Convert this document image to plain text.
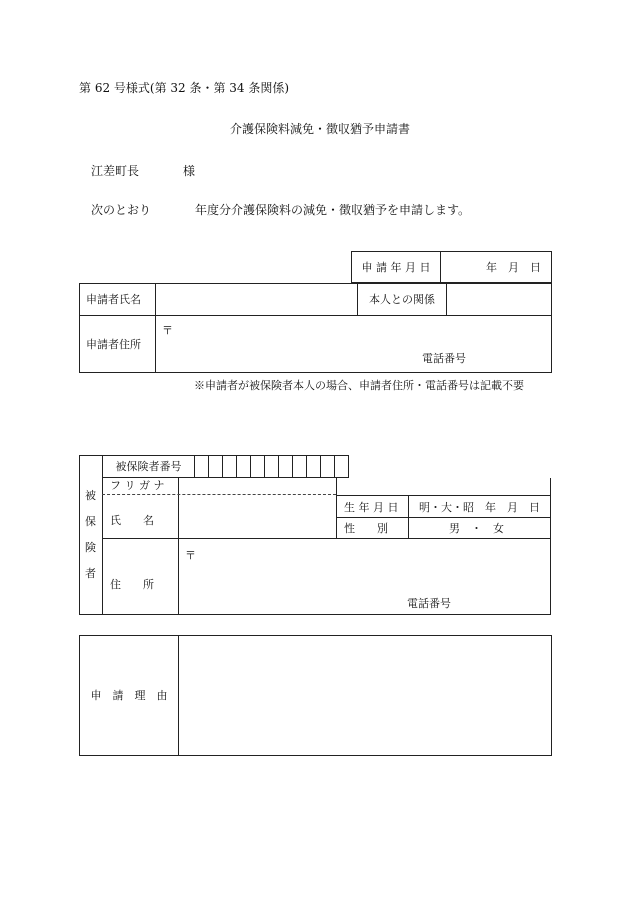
第 62 号様式(第 32 条・第 34 条関係)
介護保険料減免・徴収猶予申請書
江差町長	様
次のとおり	年度分介護保険料の減免・徴収猶予を申請します。
申 請 年 月 日	年　月　日
申請者氏名		本人との関係	
申請者住所	〒
電話番号		
※申請者が被保険者本人の場合、申請者住所・電話番号は記載不要
	被保険者番号											
被
保
険
者
フ リ ガ ナ
氏　　名
生 年 月 日 明・大・昭　年　月　日
性　　別	男　・　女
住　　所
〒
電話番号
申　請　理　由	
